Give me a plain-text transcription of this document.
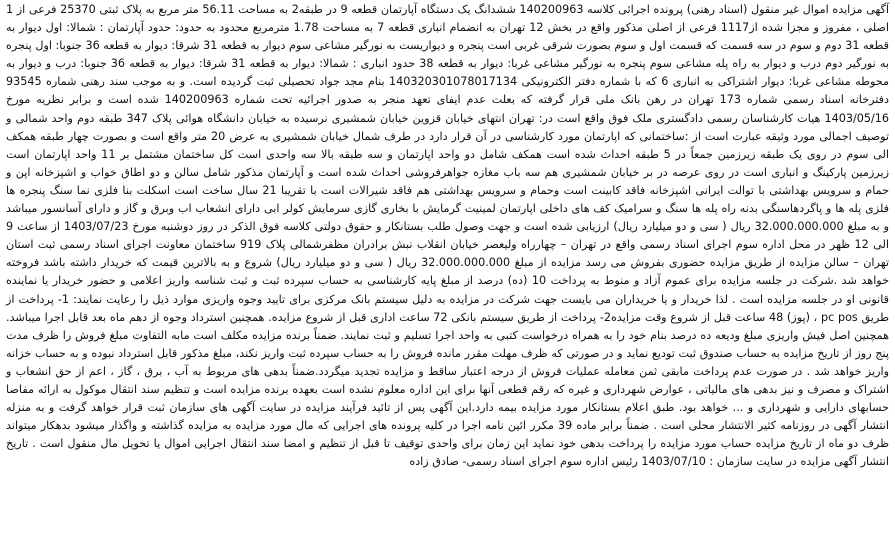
آگهی مزایده اموال غیر منقول (اسناد رهنی) پرونده اجرائی کلاسه 140200963 ششدانگ یک دستگاه آپارتمان قطعه 9 در طبقه2 به مساحت 56.11 متر مربع به پلاک ثبتی 25370 فرعی از 1 اصلی ، مفروز و مجزا شده از1117 فرعی از اصلی مذکور واقع در بخش 12 تهران به انضمام انباری قطعه 7 به مساحت 1.78 مترمربع محدود به حدود: حدود آپارتمان : شمالا: اول دیوار به قطعه 31 دوم و سوم در سه قسمت که قسمت اول و سوم بصورت شرقی غربی است پنجره و دیواریست به نورگیر مشاعی سوم دیوار به قطعه 31 شرقا: دیوار به قطعه 36 جنوبا: اول پنجره به نورگیر دوم درب و دیوار به راه پله مشاعی سوم پنجره به نورگیر مشاعی غربا: دیوار به قطعه 38 حدود انباری : شمالا: دیوار به قطعه 31 شرقا: دیوار به قطعه 36 جنوبا: درب و دیوار به محوطه مشاعی غربا: دیوار اشتراکی به انباری 6 که با شماره دفتر الکترونیکی 140320301078017134 بنام مجد جواد تحصیلی ثبت گردیده است. و به موجب سند رهنی شماره 93545 دفترخانه اسناد رسمی شماره 173 تهران در رهن بانک ملی قرار گرفته که بعلت عدم ایفای تعهد منجر به صدور اجرائیه تحت شماره 140200963 شده است و برابر نظریه مورخ 1403/05/16 هیات کارشناسان رسمی دادگستری ملک فوق واقع است در: تهران انتهای خیابان قزوین خیابان شمشیری نرسیده به خیابان دانشگاه هوائی پلاک 347 طبقه دوم واحد شمالی و توصیف اجمالی مورد وثیقه عبارت است از :ساختمانی که اپارتمان مورد کارشناسی در آن قرار دارد در طرف شمال خیابان شمشیری به عرض 20 متر واقع است و بصورت چهار طبقه همکف الی سوم در روی یک طبقه زیرزمین جمعاً در 5 طبقه احداث شده است همکف شامل دو واحد اپارتمان و سه طبقه بالا سه واحدی است کل ساختمان مشتمل بر 11 واحد اپارتمان است زیرزمین پارکینگ و انباری است در روی عرصه در بر خیابان شمشیری هم سه باب مغازه جواهرفروشی احداث شده است و آپارتمان مذکور شامل سالن و دو اطاق خواب و اشپزخانه اپن و حمام و سرویس بهداشتی با توالت ایرانی اشپزخانه فاقد کابینت است وحمام و سرویس بهداشتی هم فاقد شیرالات است با تقریبا 21 سال ساخت است اسکلت بنا فلزی نما سنگ پنجره ها فلزی پله ها و پاگردهاسنگی بدنه راه پله ها سنگ و سرامیک کف های داخلی اپارتمان لمینیت گرمایش با بخاری گازی سرمایش کولر ابی دارای انشعاب اب وبرق و گاز و دارای آسانسور میباشد و به مبلغ 32.000.000.000 ریال ( سی و دو میلیارد ریال) ارزیابی شده است و جهت وصول طلب بستانکار و حقوق دولتی کلاسه فوق الذکر در روز دوشنبه مورخ 1403/07/23 از ساعت 9 الی 12 ظهر در محل اداره سوم اجرای اسناد رسمی واقع در تهران – چهارراه ولیعصر خیابان انقلاب نبش برادران مظفرشمالی پلاک 919 ساختمان معاونت اجرای اسناد رسمی ثبت استان تهران – سالن مزایده از طریق مزایده حضوری بفروش می رسد مزایده از مبلغ 32.000.000.000 ریال ( سی و دو میلیارد ریال) شروع و به بالاترین قیمت که خریدار داشته باشد فروخته خواهد شد .شرکت در جلسه مزایده برای عموم آزاد و منوط به پرداخت 10 (ده) درصد از مبلغ پایه کارشناسی به حساب سپرده ثبت و ثبت شناسه واریز اعلامی و حضور خریدار یا نماینده قانونی او در جلسه مزایده است . لذا خریدار و یا خریداران می بایست جهت شرکت در مزایده به دلیل سیستم بانک مرکزی برای تایید وجوه واریزی موارد ذیل را رعایت نمایند: 1- پرداخت از طریق pc pos ، (پوز) 48 ساعت قبل از شروع وقت مزایده2- پرداخت از طریق سیستم بانکی 72 ساعت اداری قبل از شروع مزایده. همچنین استرداد وجوه از دهم ماه بعد قابل اجرا میباشد. همچنین اصل فیش واریزی مبلغ ودیعه ده درصد بنام خود را به همراه درخواست کتبی به واحد اجرا تسلیم و ثبت نمایند. ضمناً برنده مزایده مکلف است مابه التفاوت مبلغ فروش را ظرف مدت پنج روز از تاریخ مزایده به حساب صندوق ثبت تودیع نماید و در صورتی که ظرف مهلت مقرر مانده فروش را به حساب سپرده ثبت واریز نکند، مبلغ مذکور قابل استرداد نبوده و به حساب خزانه واریز خواهد شد . در صورت عدم پرداخت مابقی ثمن معامله عملیات فروش از درجه اعتبار ساقط و مزایده تجدید میگردد.ضمناً بدهی های مربوط به آب ، برق ، گاز ، اعم از حق انشعاب و اشتراک و مصرف و نیز بدهی های مالیاتی ، عوارض شهرداری و غیره که رقم قطعی آنها برای این اداره معلوم نشده است بعهده برنده مزایده است و تنظیم سند انتقال موکول به ارائه مفاصا حسابهای دارایی و شهرداری و ... خواهد بود. طبق اعلام بستانکار مورد مزایده بیمه دارد.این آگهی پس از تائید فرآیند مزایده در سایت آگهی های سازمان ثبت قرار خواهد گرفت و به منزله انتشار آگهی در روزنامه کثیر الانتشار محلی است . ضمناً برابر ماده 39 مکرر ائین نامه اجرا در کلیه پرونده های اجرایی که مال مورد مزایده به مزایده گذاشته و واگذار میشود بدهکار میتواند ظرف دو ماه از تاریخ مزایده حساب مورد مزایده را پرداخت بدهی خود نماید این زمان برای واحدی توقیف تا قبل از تنظیم و امضا سند انتقال اجرایی اموال یا تحویل مال منقول است . تاریخ انتشار آگهی مزایده در سایت سازمان : 1403/07/10 رئیس اداره سوم اجرای اسناد رسمی- صادق زاده
